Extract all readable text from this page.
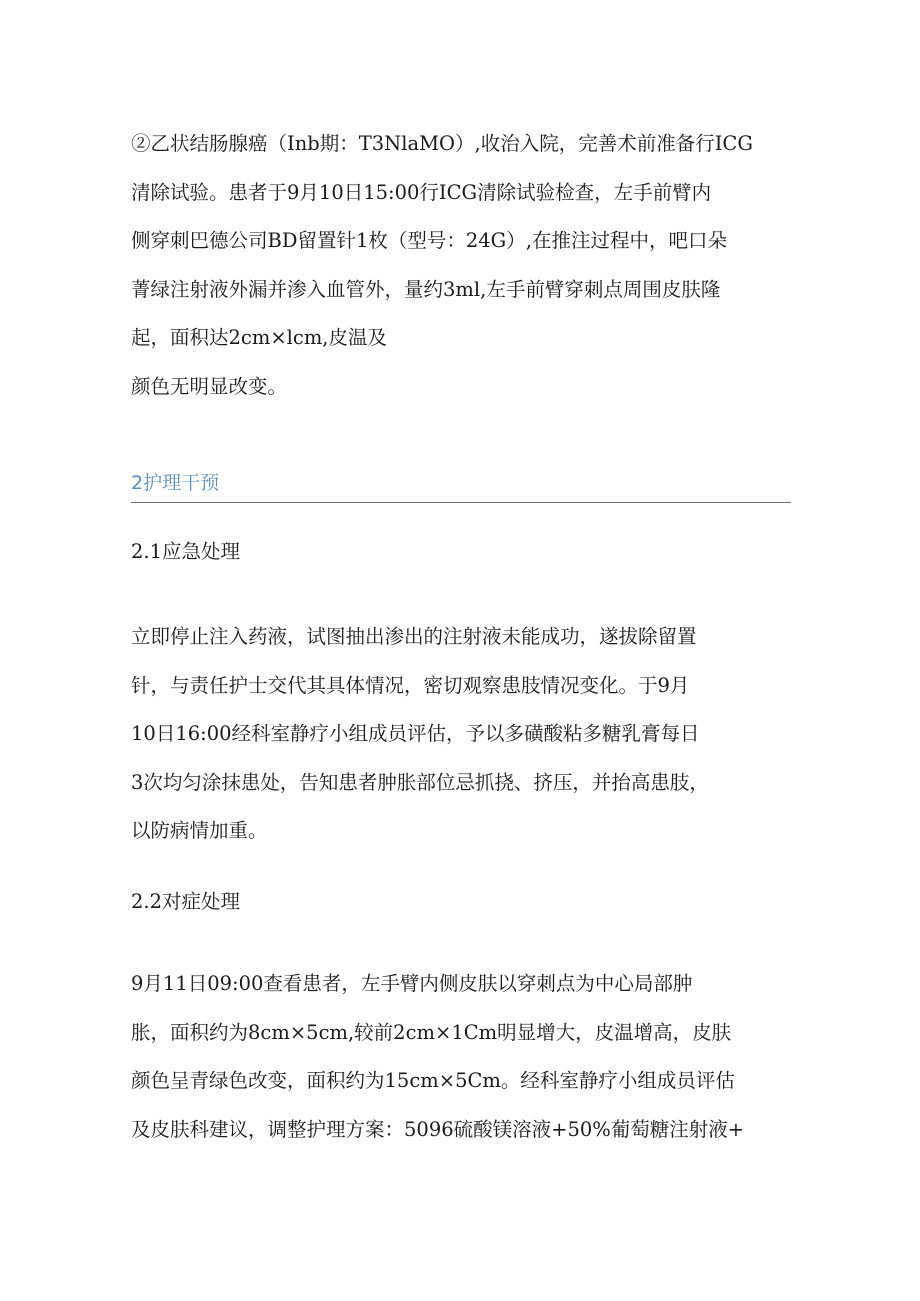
②乙状结肠腺癌（Inb期：T3NlaMO）,收治入院，完善术前准备行ICG
清除试验。患者于9月10日15:00行ICG清除试验检查，左手前臂内
侧穿刺巴德公司BD留置针1枚（型号：24G）,在推注过程中，吧口朵
菁绿注射液外漏并渗入血管外，量约3ml,左手前臂穿刺点周围皮肤隆
起，面积达2cm×lcm,皮温及
颜色无明显改变。
2护理干预
2.1应急处理
立即停止注入药液，试图抽出渗出的注射液未能成功，遂拔除留置
针，与责任护士交代其具体情况，密切观察患肢情况变化。于9月
10日16:00经科室静疗小组成员评估，予以多磺酸粘多糖乳膏每日
3次均匀涂抹患处，告知患者肿胀部位忌抓挠、挤压，并抬高患肢，
以防病情加重。
2.2对症处理
9月11日09:00查看患者，左手臂内侧皮肤以穿刺点为中心局部肿
胀，面积约为8cm×5cm,较前2cm×1Cm明显增大，皮温增高，皮肤
颜色呈青绿色改变，面积约为15cm×5Cm。经科室静疗小组成员评估
及皮肤科建议，调整护理方案：5096硫酸镁溶液+50%葡萄糖注射液+
